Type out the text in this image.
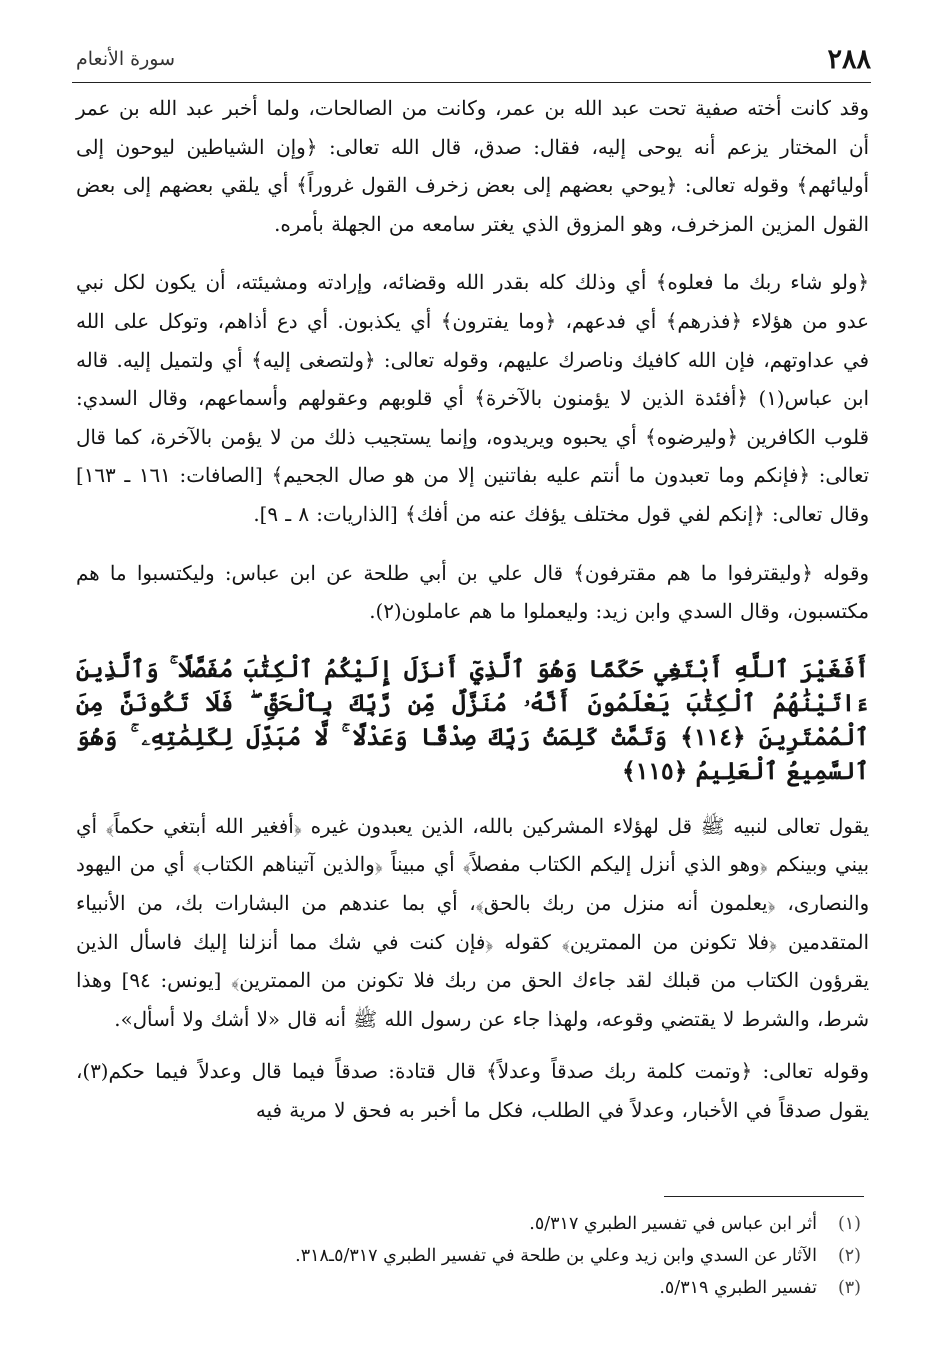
٢٨٨
سورة الأنعام

وقد كانت أخته صفية تحت عبد الله بن عمر، وكانت من الصالحات، ولما أخبر عبد الله بن عمر أن المختار يزعم أنه يوحى إليه، فقال: صدق، قال الله تعالى: ﴿وإن الشياطين ليوحون إلى أوليائهم﴾ وقوله تعالى: ﴿يوحي بعضهم إلى بعض زخرف القول غروراً﴾ أي يلقي بعضهم إلى بعض القول المزين المزخرف، وهو المزوق الذي يغتر سامعه من الجهلة بأمره.

﴿ولو شاء ربك ما فعلوه﴾ أي وذلك كله بقدر الله وقضائه، وإرادته ومشيئته، أن يكون لكل نبي عدو من هؤلاء ﴿فذرهم﴾ أي فدعهم، ﴿وما يفترون﴾ أي يكذبون. أي دع أذاهم، وتوكل على الله في عداوتهم، فإن الله كافيك وناصرك عليهم، وقوله تعالى: ﴿ولتصغى إليه﴾ أي ولتميل إليه. قاله ابن عباس(١) ﴿أفئدة الذين لا يؤمنون بالآخرة﴾ أي قلوبهم وعقولهم وأسماعهم، وقال السدي: قلوب الكافرين ﴿وليرضوه﴾ أي يحبوه ويريدوه، وإنما يستجيب ذلك من لا يؤمن بالآخرة، كما قال تعالى: ﴿فإنكم وما تعبدون ما أنتم عليه بفاتنين إلا من هو صال الجحيم﴾ [الصافات: ١٦١ ـ ١٦٣] وقال تعالى: ﴿إنكم لفي قول مختلف يؤفك عنه من أفك﴾ [الذاريات: ٨ ـ ٩].

وقوله ﴿وليقترفوا ما هم مقترفون﴾ قال علي بن أبي طلحة عن ابن عباس: وليكتسبوا ما هم مكتسبون، وقال السدي وابن زيد: وليعملوا ما هم عاملون(٢).

أَفَغَيْرَ ٱللَّهِ أَبْتَغِي حَكَمًا وَهُوَ ٱلَّذِيٓ أَنزَلَ إِلَيْكُمُ ٱلْكِتَٰبَ مُفَصَّلًا ۚ وَٱلَّذِينَ ءَاتَيْنَٰهُمُ ٱلْكِتَٰبَ يَعْلَمُونَ أَنَّهُۥ مُنَزَّلٌ مِّن رَّبِّكَ بِٱلْحَقِّ ۖ فَلَا تَكُونَنَّ مِنَ ٱلْمُمْتَرِينَ ﴿١١٤﴾ وَتَمَّتْ كَلِمَتُ رَبِّكَ صِدْقًا وَعَدْلًا ۚ لَّا مُبَدِّلَ لِكَلِمَٰتِهِۦ ۚ وَهُوَ ٱلسَّمِيعُ ٱلْعَلِيمُ ﴿١١٥﴾

يقول تعالى لنبيه ﷺ قل لهؤلاء المشركين بالله، الذين يعبدون غيره ﴿أفغير الله أبتغي حكماً﴾ أي بيني وبينكم ﴿وهو الذي أنزل إليكم الكتاب مفصلاً﴾ أي مبيناً ﴿والذين آتيناهم الكتاب﴾ أي من اليهود والنصارى، ﴿يعلمون أنه منزل من ربك بالحق﴾، أي بما عندهم من البشارات بك، من الأنبياء المتقدمين ﴿فلا تكونن من الممترين﴾ كقوله ﴿فإن كنت في شك مما أنزلنا إليك فاسأل الذين يقرؤون الكتاب من قبلك لقد جاءك الحق من ربك فلا تكونن من الممترين﴾ [يونس: ٩٤] وهذا شرط، والشرط لا يقتضي وقوعه، ولهذا جاء عن رسول الله ﷺ أنه قال «لا أشك ولا أسأل».

وقوله تعالى: ﴿وتمت كلمة ربك صدقاً وعدلاً﴾ قال قتادة: صدقاً فيما قال وعدلاً فيما حكم(٣)، يقول صدقاً في الأخبار، وعدلاً في الطلب، فكل ما أخبر به فحق لا مرية فيه

(١)أثر ابن عباس في تفسير الطبري ٥/٣١٧.

(٢)الآثار عن السدي وابن زيد وعلي بن طلحة في تفسير الطبري ٥/٣١٧ـ٣١٨.

(٣)تفسير الطبري ٥/٣١٩.
